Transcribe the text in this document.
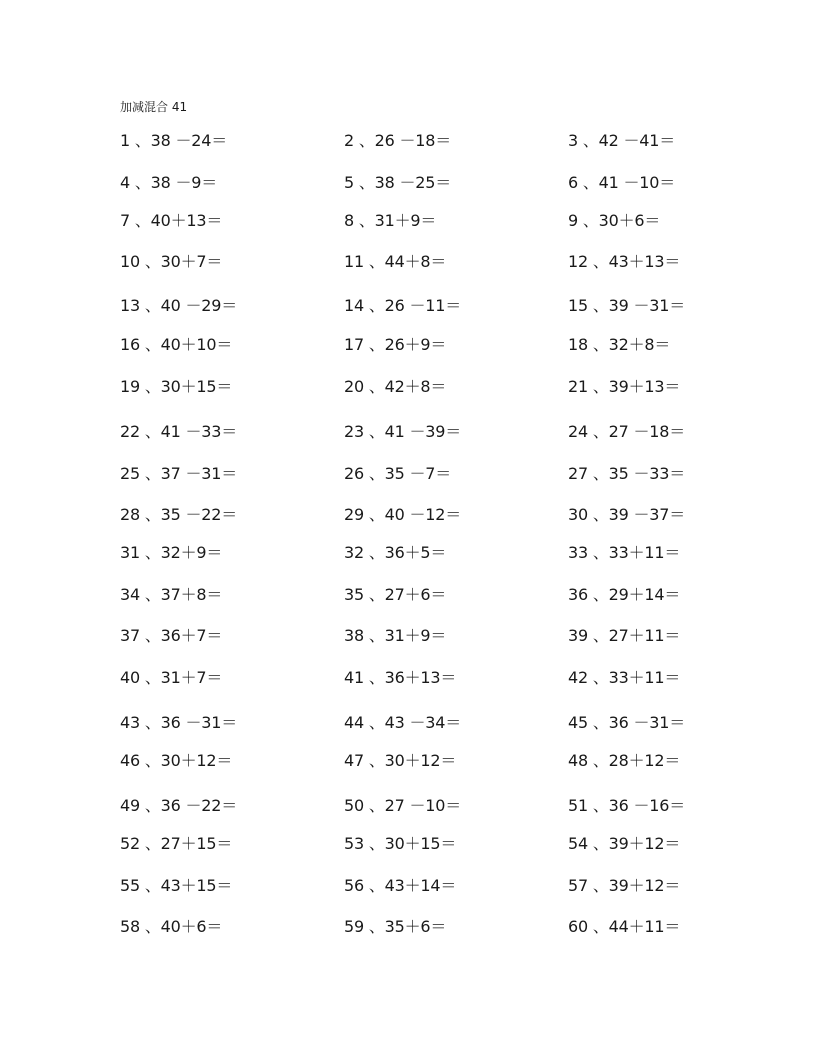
加减混合 41
1 、38 －24＝	2 、26 －18＝	3 、42 －41＝
4 、38 －9＝	5 、38 －25＝	6 、41 －10＝
7 、40＋13＝	8 、31＋9＝	9 、30＋6＝
10 、30＋7＝	11 、44＋8＝	12 、43＋13＝
13 、40 －29＝	14 、26 －11＝	15 、39 －31＝
16 、40＋10＝	17 、26＋9＝	18 、32＋8＝
19 、30＋15＝	20 、42＋8＝	21 、39＋13＝
22 、41 －33＝	23 、41 －39＝	24 、27 －18＝
25 、37 －31＝	26 、35 －7＝	27 、35 －33＝
28 、35 －22＝	29 、40 －12＝	30 、39 －37＝
31 、32＋9＝	32 、36＋5＝	33 、33＋11＝
34 、37＋8＝	35 、27＋6＝	36 、29＋14＝
37 、36＋7＝	38 、31＋9＝	39 、27＋11＝
40 、31＋7＝	41 、36＋13＝	42 、33＋11＝
43 、36 －31＝	44 、43 －34＝	45 、36 －31＝
46 、30＋12＝	47 、30＋12＝	48 、28＋12＝
49 、36 －22＝	50 、27 －10＝	51 、36 －16＝
52 、27＋15＝	53 、30＋15＝	54 、39＋12＝
55 、43＋15＝	56 、43＋14＝	57 、39＋12＝
58 、40＋6＝	59 、35＋6＝	60 、44＋11＝
